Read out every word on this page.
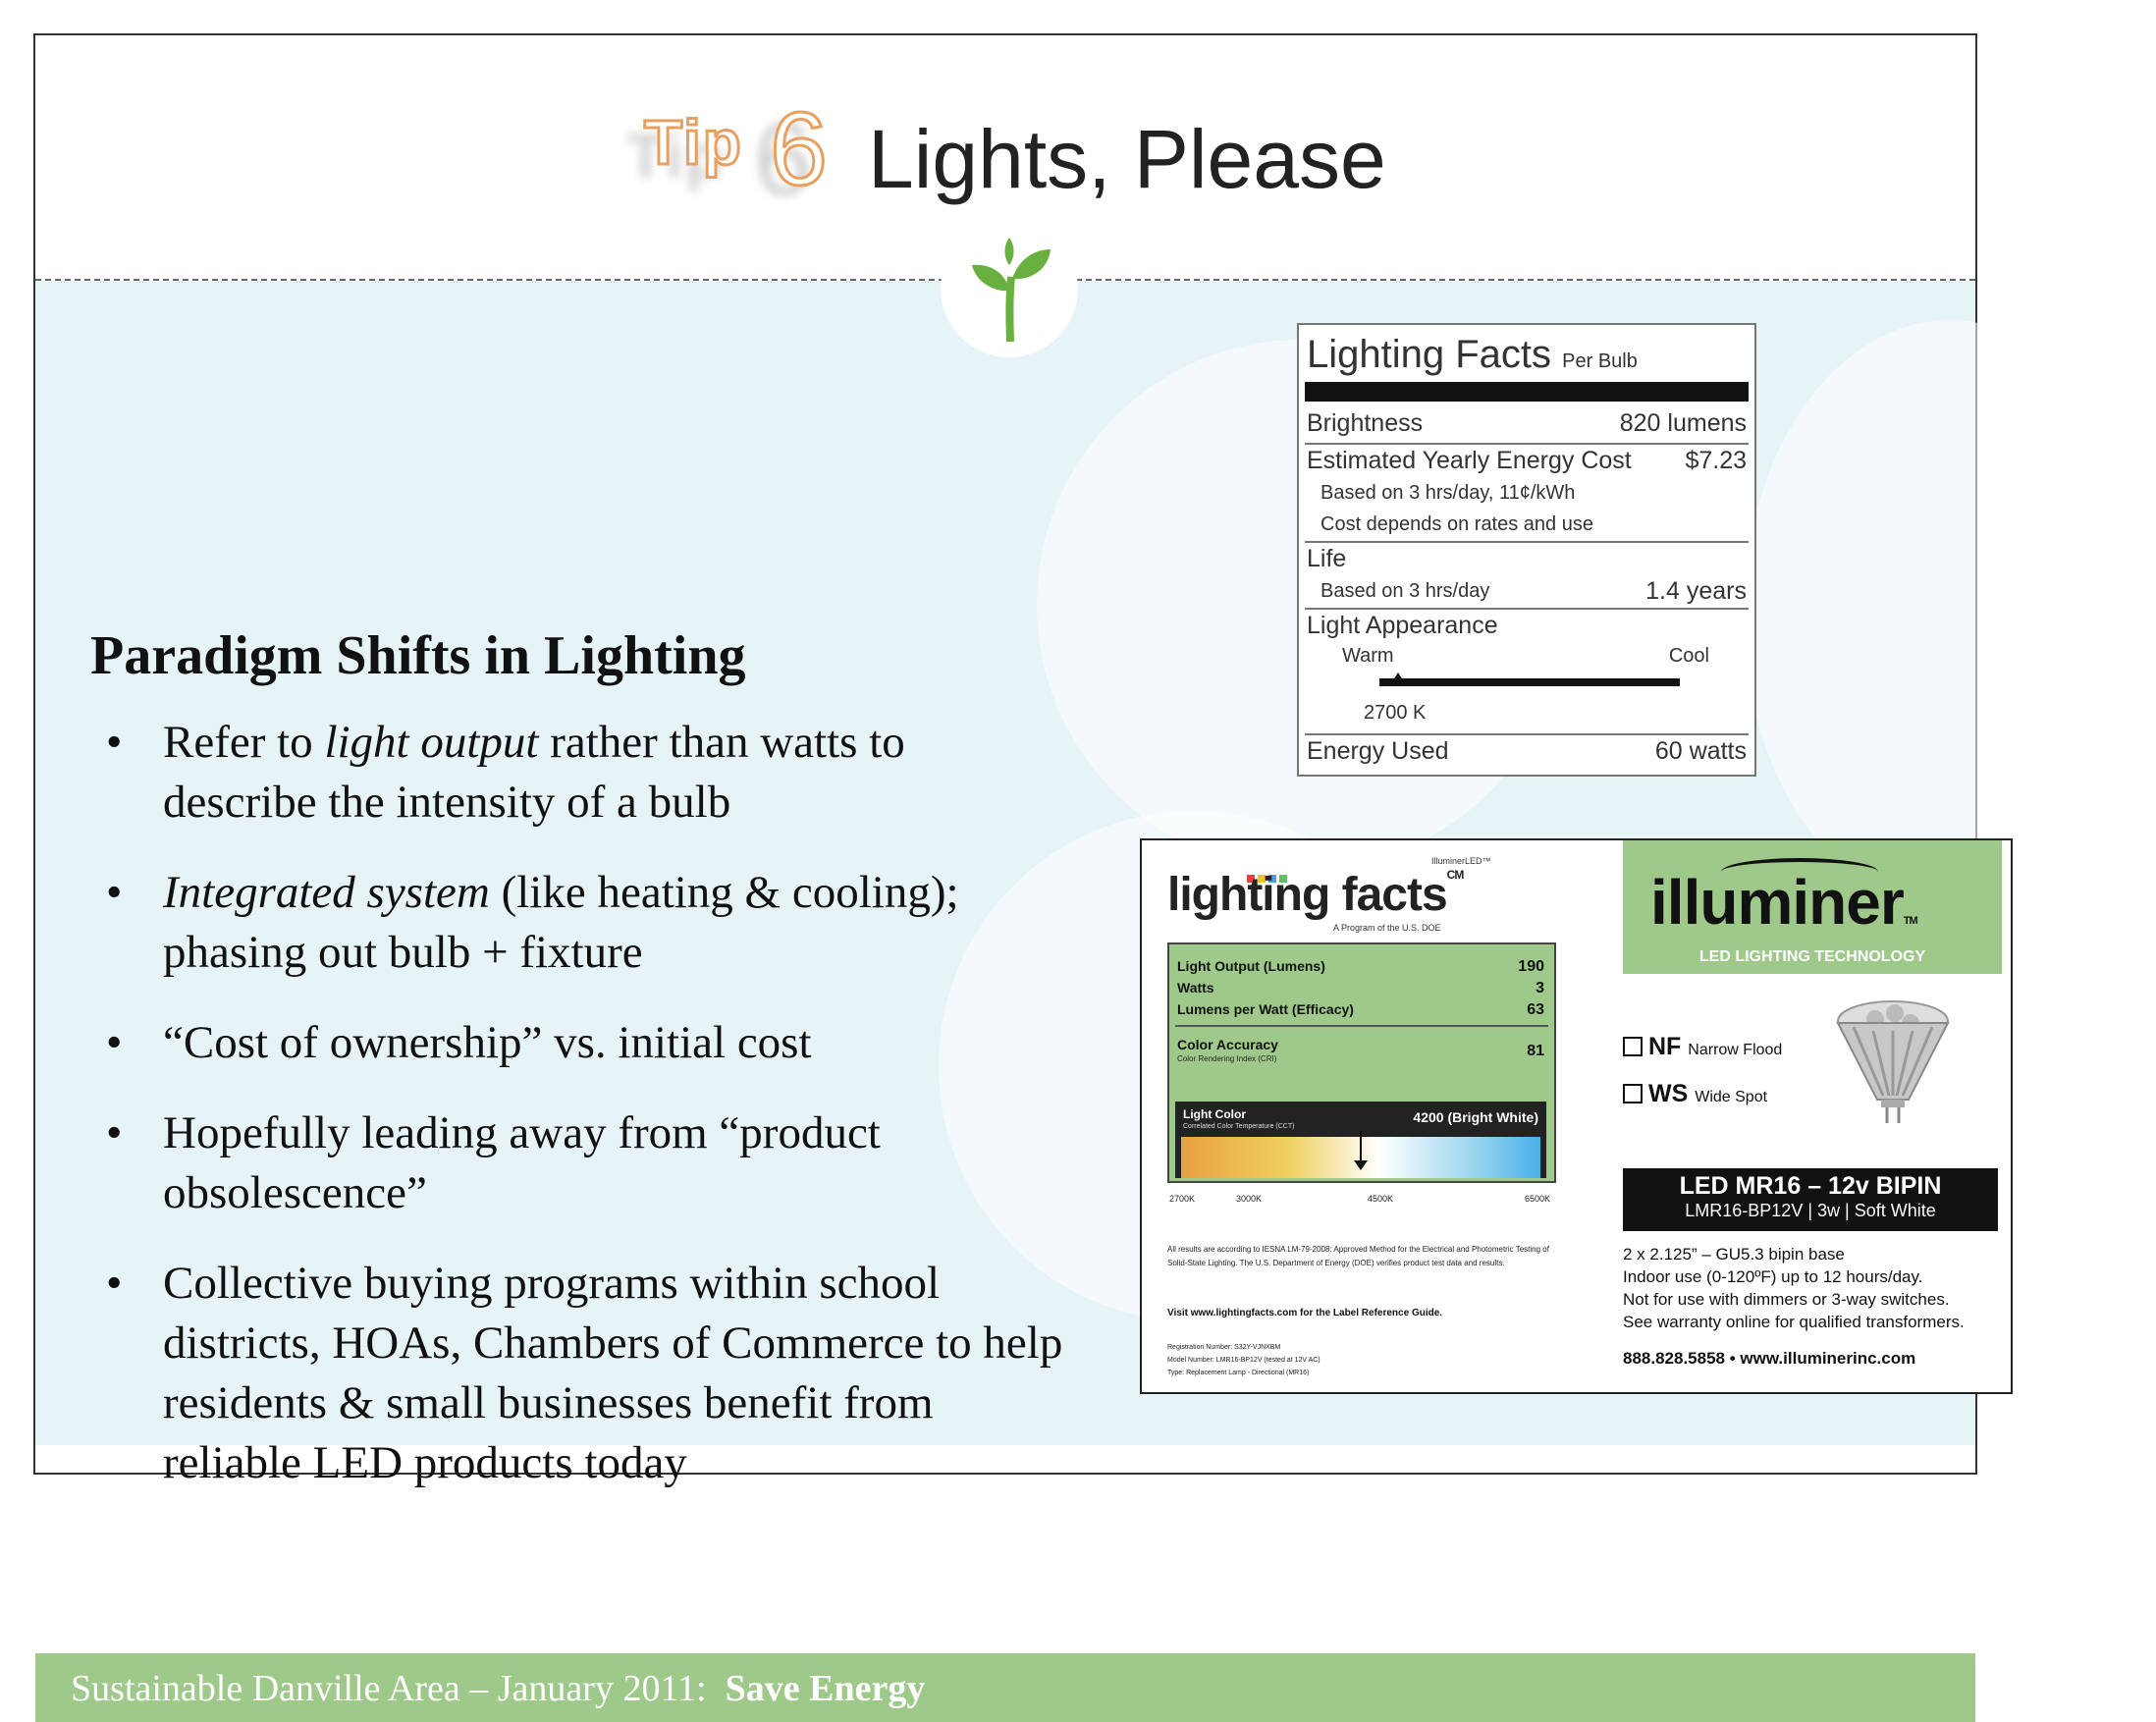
Tip 6 Lights, Please
Paradigm Shifts in Lighting
• Refer to light output rather than watts to describe the intensity of a bulb
• Integrated system (like heating & cooling); phasing out bulb + fixture
• “Cost of ownership” vs. initial cost
• Hopefully leading away from “product obsolescence”
• Collective buying programs within school districts, HOAs, Chambers of Commerce to help residents & small businesses benefit from reliable LED products today
Sustainable Danville Area – January 2011: Save Energy
Lighting Facts Per Bulb
Brightness	820 lumens
Estimated Yearly Energy Cost $7.23
Based on 3 hrs/day, 11¢/kWh
Cost depends on rates and use
Life
Based on 3 hrs/day	1.4 years
Light Appearance
Warm	Cool
2700 K
Energy Used	60 watts
IlluminerLED™
lighting facts$^{CM}$
A Program of the U.S. DOE
Light Output (Lumens)	190
Watts	3
Lumens per Watt (Efficacy)	63
Color Accuracy	81
Color Rendering Index (CRI)
Light Color
Correlated Color Temperature (CCT)
4200 (Bright White)
Warm White	Bright White	Daylight
2700K	3000K	4500K	6500K
All results are according to IESNA LM-79-2008: Approved Method for the Electrical and Photometric Testing of Solid-State Lighting. The U.S. Department of Energy (DOE) verifies product test data and results.
Visit www.lightingfacts.com for the Label Reference Guide.
Registration Number: S32Y-VJNXBM
Model Number: LMR16-BP12V (tested at 12V AC)
Type: Replacement Lamp - Directional (MR16)
illuminerTM
LED LIGHTING TECHNOLOGY
NF Narrow Flood
WS Wide Spot
LED MR16 – 12v BIPIN
LMR16-BP12V | 3w | Soft White
2 x 2.125” – GU5.3 bipin base
Indoor use (0-120ºF) up to 12 hours/day.
Not for use with dimmers or 3-way switches.
See warranty online for qualified transformers.
888.828.5858 • www.illuminerinc.com
